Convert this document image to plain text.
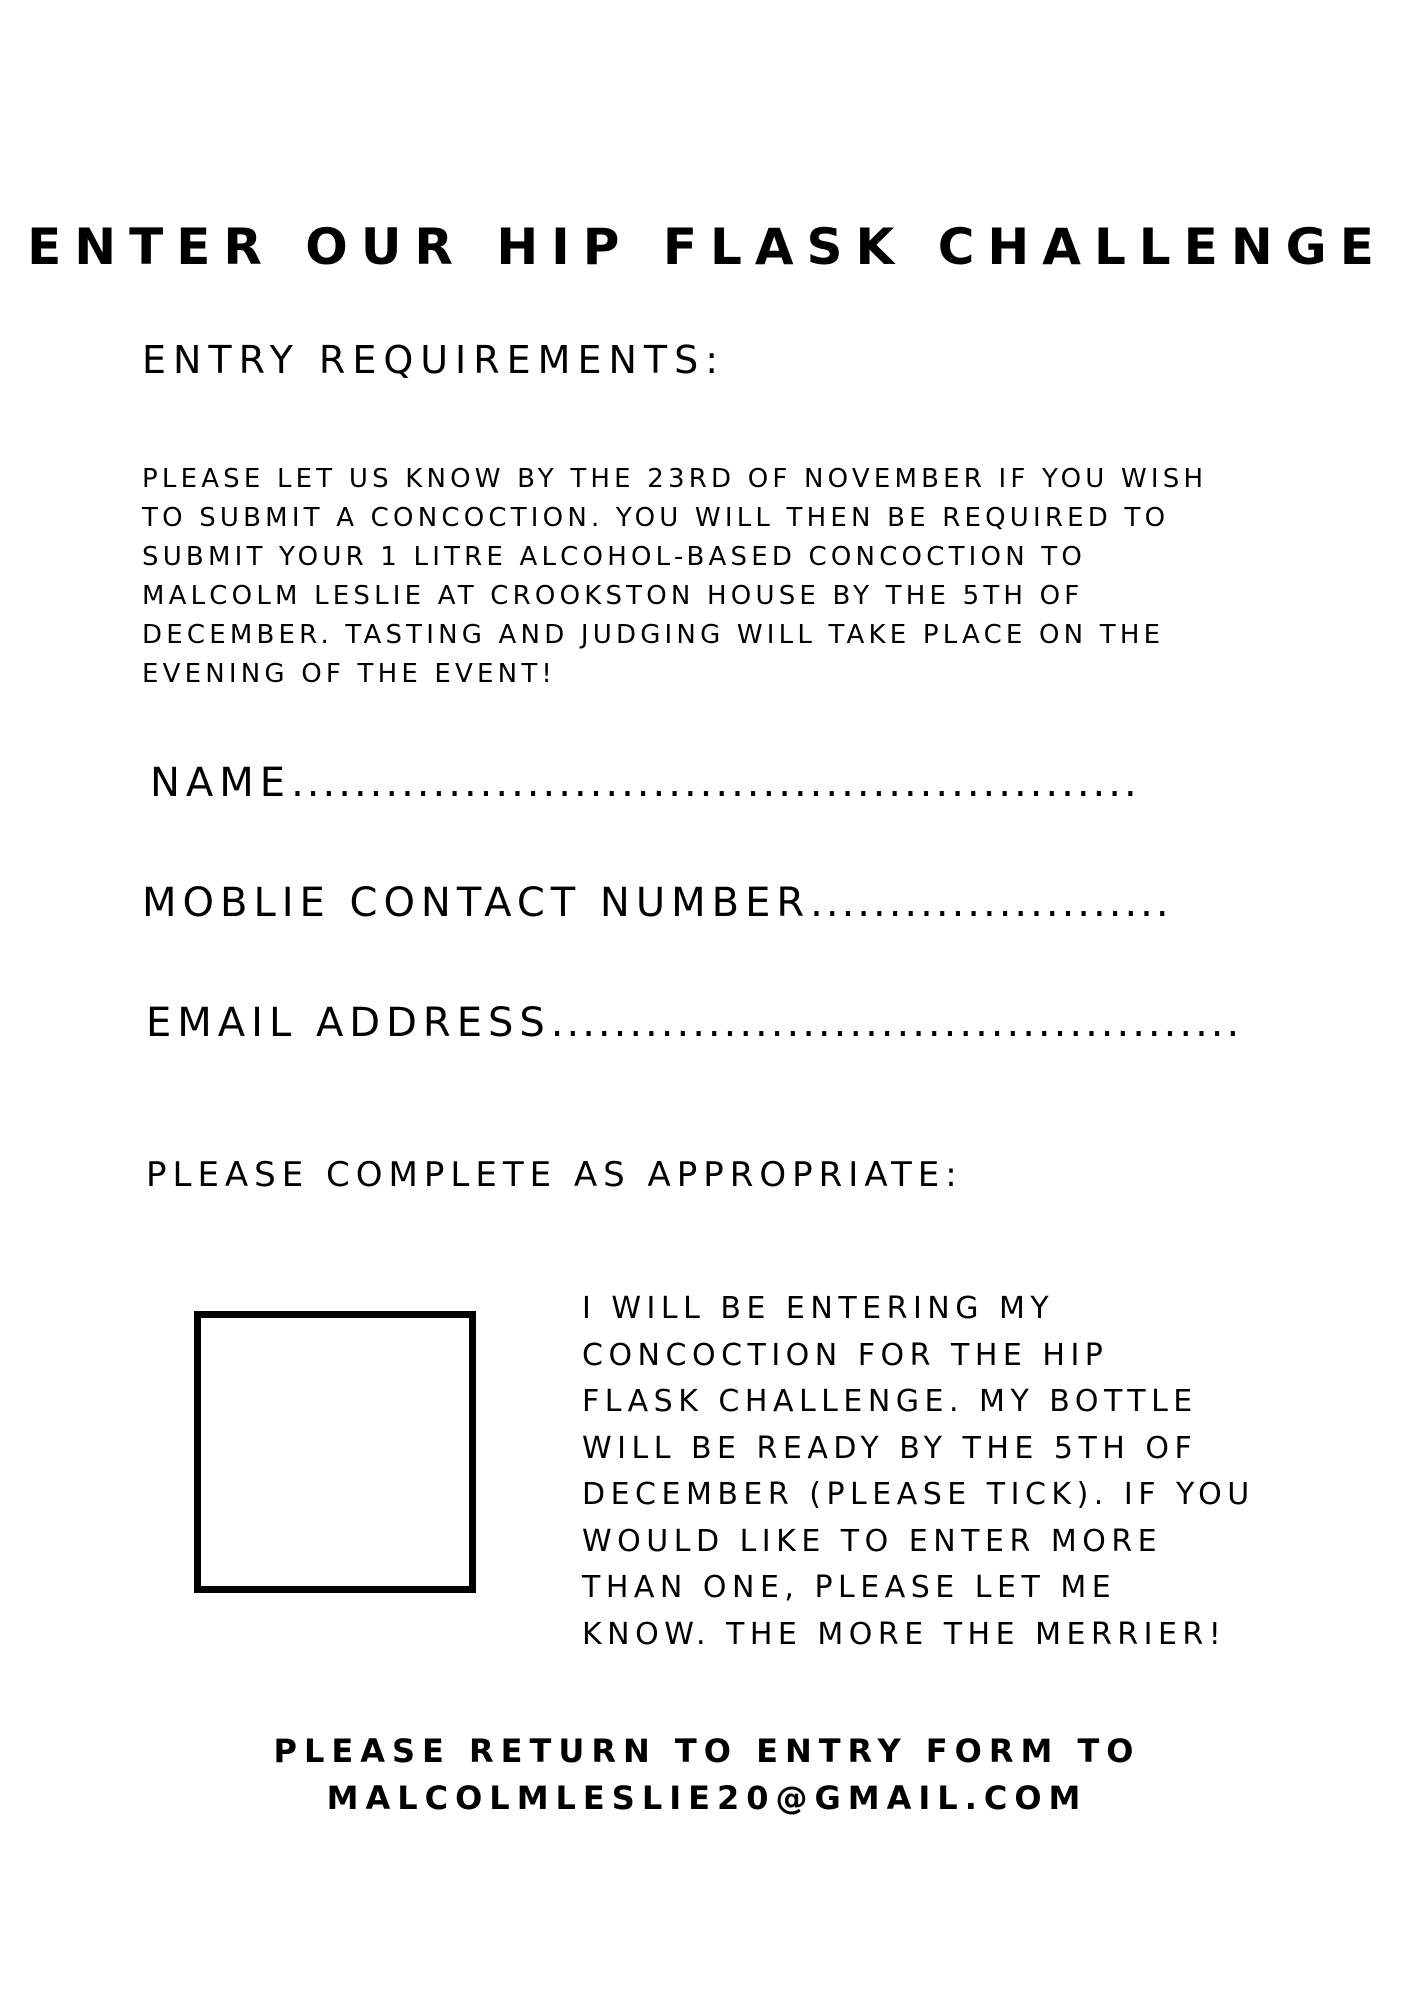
ENTER OUR HIP FLASK CHALLENGE
ENTRY REQUIREMENTS:
PLEASE LET US KNOW BY THE 23RD OF NOVEMBER IF YOU WISH
TO SUBMIT A CONCOCTION. YOU WILL THEN BE REQUIRED TO
SUBMIT YOUR 1 LITRE ALCOHOL-BASED CONCOCTION TO
MALCOLM LESLIE AT CROOKSTON HOUSE BY THE 5TH OF
DECEMBER. TASTING AND JUDGING WILL TAKE PLACE ON THE
EVENING OF THE EVENT!
NAME......................................................
MOBLIE CONTACT NUMBER.......................
EMAIL ADDRESS............................................
PLEASE COMPLETE AS APPROPRIATE:
I WILL BE ENTERING MY
CONCOCTION FOR THE HIP
FLASK CHALLENGE. MY BOTTLE
WILL BE READY BY THE 5TH OF
DECEMBER (PLEASE TICK). IF YOU
WOULD LIKE TO ENTER MORE
THAN ONE, PLEASE LET ME
KNOW. THE MORE THE MERRIER!
PLEASE RETURN TO ENTRY FORM TO
MALCOLMLESLIE20@GMAIL.COM
